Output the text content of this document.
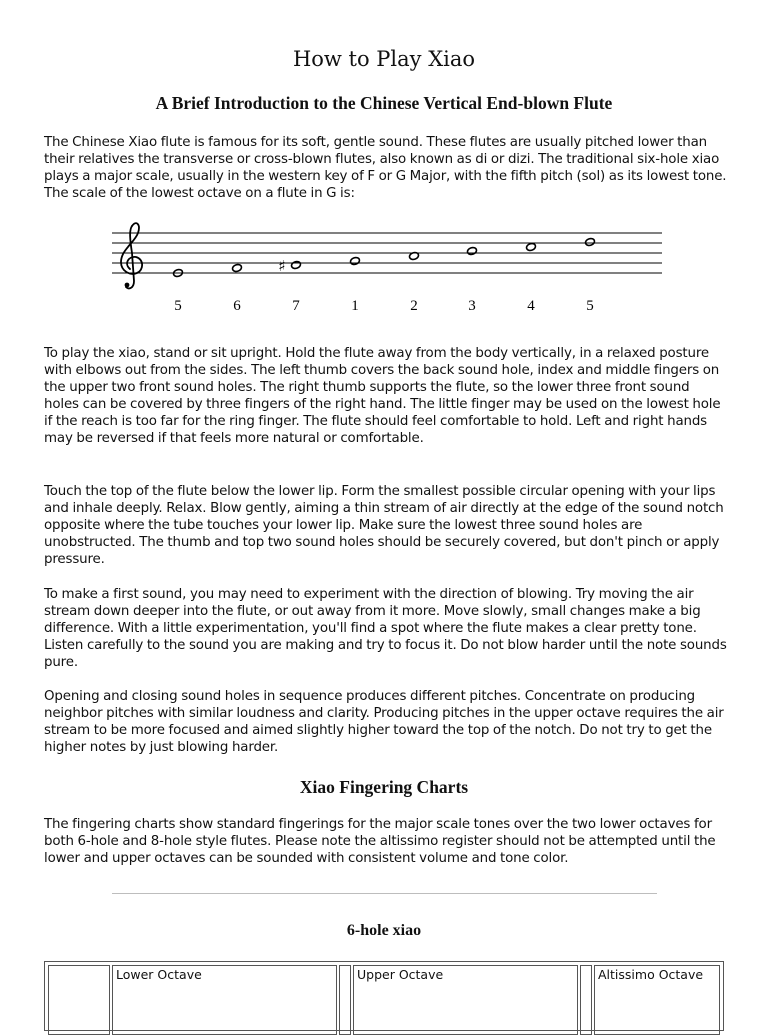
How to Play Xiao
A Brief Introduction to the Chinese Vertical End-blown Flute

The Chinese Xiao flute is famous for its soft, gentle sound. These flutes are usually pitched lower than their relatives the transverse or cross-blown flutes, also known as di or dizi. The traditional six-hole xiao plays a major scale, usually in the western key of F or G Major, with the fifth pitch (sol) as its lowest tone. The scale of the lowest octave on a flute in G is:

♯
5	6	7	1	2	3	4	5

To play the xiao, stand or sit upright. Hold the flute away from the body vertically, in a relaxed posture with elbows out from the sides. The left thumb covers the back sound hole, index and middle fingers on the upper two front sound holes. The right thumb supports the flute, so the lower three front sound holes can be covered by three fingers of the right hand. The little finger may be used on the lowest hole if the reach is too far for the ring finger. The flute should feel comfortable to hold. Left and right hands may be reversed if that feels more natural or comfortable.

Touch the top of the flute below the lower lip. Form the smallest possible circular opening with your lips and inhale deeply. Relax. Blow gently, aiming a thin stream of air directly at the edge of the sound notch opposite where the tube touches your lower lip. Make sure the lowest three sound holes are unobstructed. The thumb and top two sound holes should be securely covered, but don't pinch or apply pressure.

To make a first sound, you may need to experiment with the direction of blowing. Try moving the air stream down deeper into the flute, or out away from it more. Move slowly, small changes make a big difference. With a little experimentation, you'll find a spot where the flute makes a clear pretty tone. Listen carefully to the sound you are making and try to focus it. Do not blow harder until the note sounds pure.

Opening and closing sound holes in sequence produces different pitches. Concentrate on producing neighbor pitches with similar loudness and clarity. Producing pitches in the upper octave requires the air stream to be more focused and aimed slightly higher toward the top of the notch. Do not try to get the higher notes by just blowing harder.

Xiao Fingering Charts

The fingering charts show standard fingerings for the major scale tones over the two lower octaves for both 6-hole and 8-hole style flutes. Please note the altissimo register should not be attempted until the lower and upper octaves can be sounded with consistent volume and tone color.

6-hole xiao
Lower Octave	Upper Octave	Altissimo Octave
